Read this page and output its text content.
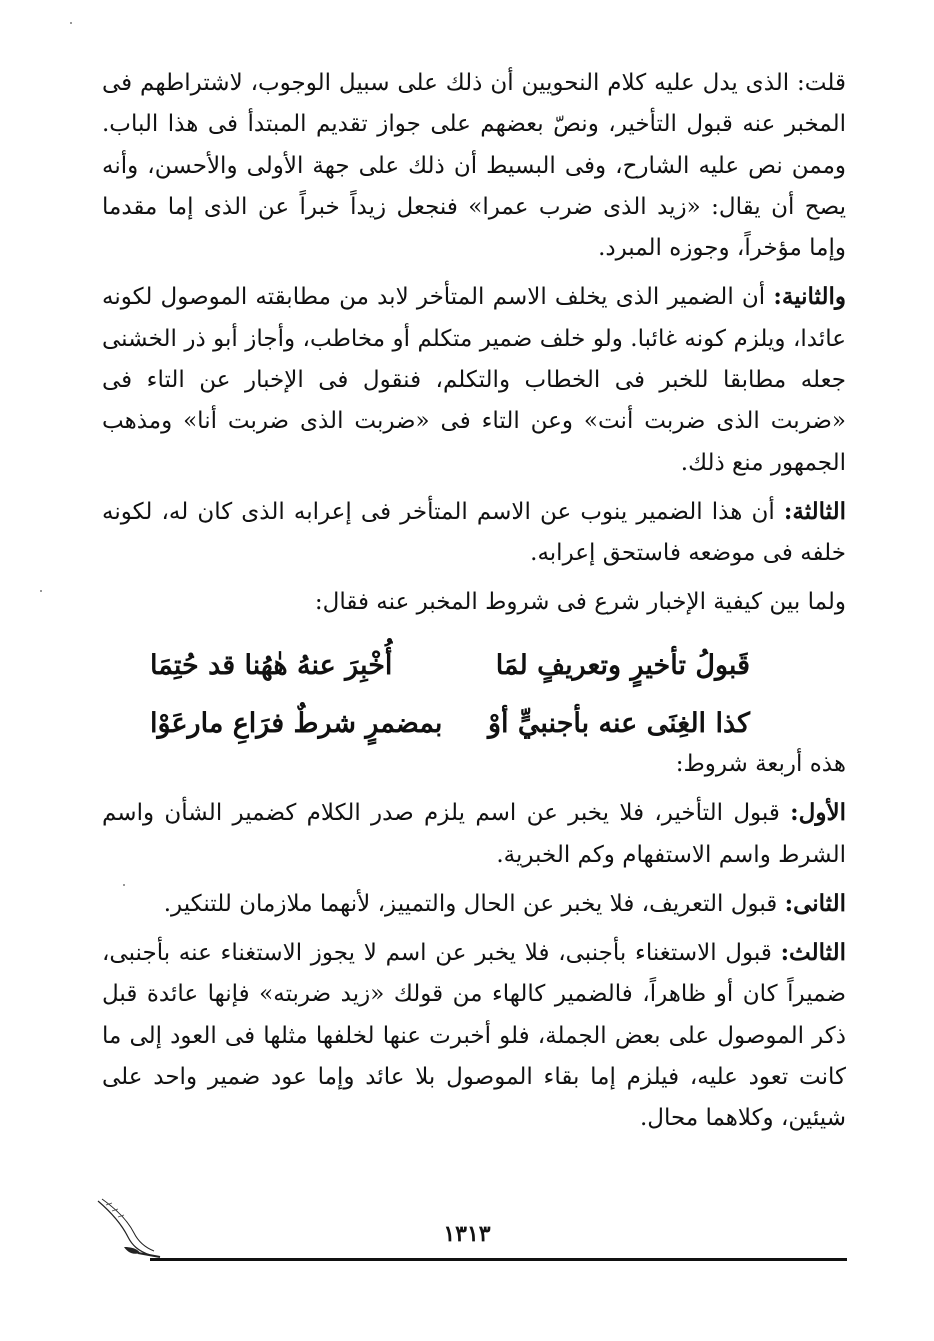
قلت: الذى يدل عليه كلام النحويين أن ذلك على سبيل الوجوب، لاشتراطهم فى المخبر عنه قبول التأخير، ونصّ بعضهم على جواز تقديم المبتدأ فى هذا الباب. وممن نص عليه الشارح، وفى البسيط أن ذلك على جهة الأولى والأحسن، وأنه يصح أن يقال: «زيد الذى ضرب عمرا» فنجعل زيداً خبراً عن الذى إما مقدما وإما مؤخراً، وجوزه المبرد.

والثانية: أن الضمير الذى يخلف الاسم المتأخر لابد من مطابقته الموصول لكونه عائدا، ويلزم كونه غائبا. ولو خلف ضمير متكلم أو مخاطب، وأجاز أبو ذر الخشنى جعله مطابقا للخبر فى الخطاب والتكلم، فنقول فى الإخبار عن التاء فى «ضربت الذى ضربت أنت» وعن التاء فى «ضربت الذى ضربت أنا» ومذهب الجمهور منع ذلك.

الثالثة: أن هذا الضمير ينوب عن الاسم المتأخر فى إعرابه الذى كان له، لكونه خلفه فى موضعه فاستحق إعرابه.

ولما بين كيفية الإخبار شرع فى شروط المخبر عنه فقال:

قَبولُ تأخيرٍ وتعريفٍ لمَا
أُخْبِرَ عنهُ هٰهُنا قد حُتِمَا
كذا الغِنَى عنه بأجنبيٍّ أوْ
بمضمرٍ شرطٌ فرَاعِ مارعَوْا

هذه أربعة شروط:

الأول: قبول التأخير، فلا يخبر عن اسم يلزم صدر الكلام كضمير الشأن واسم الشرط واسم الاستفهام وكم الخبرية.

الثانى: قبول التعريف، فلا يخبر عن الحال والتمييز، لأنهما ملازمان للتنكير.

الثالث: قبول الاستغناء بأجنبى، فلا يخبر عن اسم لا يجوز الاستغناء عنه بأجنبى، ضميراً كان أو ظاهراً، فالضمير كالهاء من قولك «زيد ضربته» فإنها عائدة قبل ذكر الموصول على بعض الجملة، فلو أخبرت عنها لخلفها مثلها فى العود إلى ما كانت تعود عليه، فيلزم إما بقاء الموصول بلا عائد وإما عود ضمير واحد على شيئين، وكلاهما محال.

١٣١٣
